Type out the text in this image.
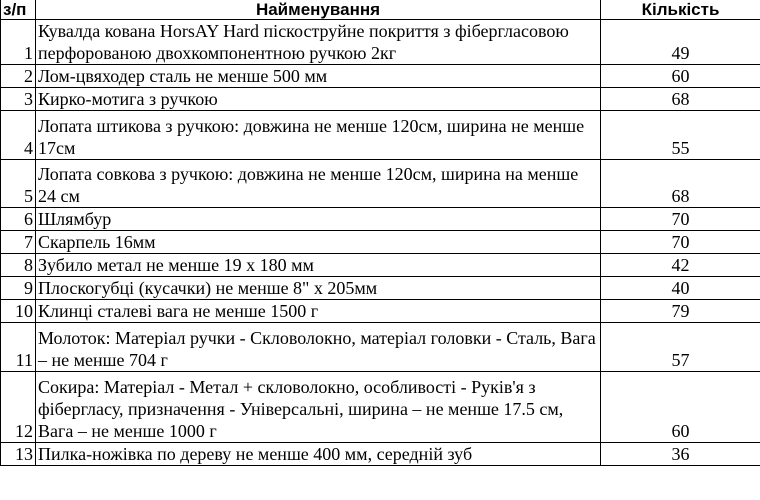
з/п	Найменування	Кількість
1	Кувалда кована HorsAY Hard піскоструйне покриття з фібергласовою перфорованою двохкомпонентною ручкою 2кг	49
2	Лом-цвяходер сталь не менше 500 мм	60
3	Кирко-мотига з ручкою	68
4	Лопата штикова з ручкою: довжина не менше 120см, ширина не менше 17см	55
5	Лопата совкова з ручкою: довжина не менше 120см, ширина на менше 24 см	68
6	Шлямбур	70
7	Скарпель 16мм	70
8	Зубило метал не менше 19 х 180 мм	42
9	Плоскогубці (кусачки) не менше 8" х 205мм	40
10	Клинці сталеві вага не менше 1500 г	79
11	Молоток: Матеріал ручки - Скловолокно, матеріал головки - Сталь, Вага – не менше 704 г	57
12	Сокира: Матеріал - Метал + скловолокно, особливості - Руків'я з фібергласу, призначення - Універсальні, ширина – не менше 17.5 см, Вага – не менше 1000 г	60
13	Пилка-ножівка по дереву не менше 400 мм, середній зуб	36
